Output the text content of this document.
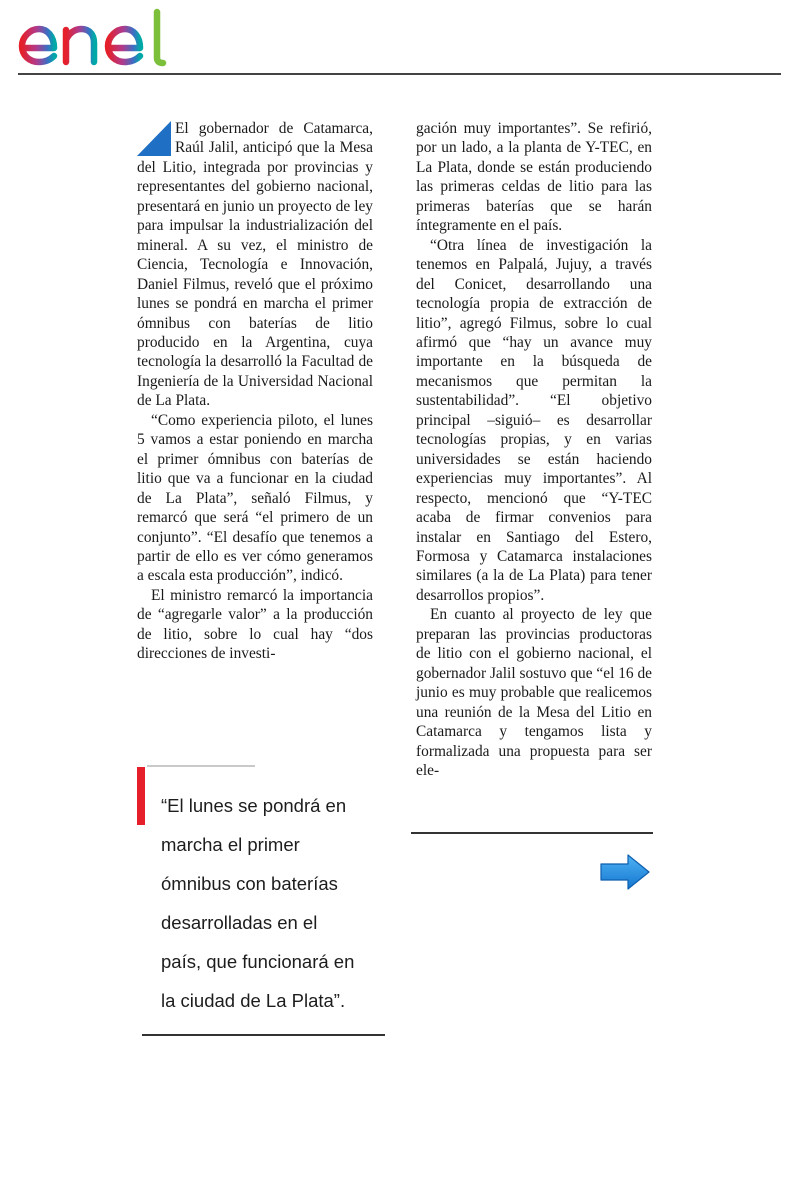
El gobernador de Catamarca, Raúl Jalil, anticipó que la Mesa del Litio, integrada por provincias y representantes del gobierno nacional, presentará en junio un proyecto de ley para impulsar la industrialización del mineral. A su vez, el ministro de Ciencia, Tecnología e Innovación, Daniel Filmus, reveló que el próximo lunes se pondrá en marcha el primer ómnibus con baterías de litio producido en la Argentina, cuya tecnología la desarrolló la Facultad de Ingeniería de la Universidad Nacional de La Plata.

“Como experiencia piloto, el lunes 5 vamos a estar poniendo en marcha el primer ómnibus con baterías de litio que va a funcionar en la ciudad de La Plata”, señaló Filmus, y remarcó que será “el primero de un conjunto”. “El desafío que tenemos a partir de ello es ver cómo generamos a escala esta producción”, indicó.

El ministro remarcó la importancia de “agregarle valor” a la producción de litio, sobre lo cual hay “dos direcciones de investi-

gación muy importantes”. Se refirió, por un lado, a la planta de Y-TEC, en La Plata, donde se están produciendo las primeras celdas de litio para las primeras baterías que se harán íntegramente en el país.

“Otra línea de investigación la tenemos en Palpalá, Jujuy, a través del Conicet, desarrollando una tecnología propia de extracción de litio”, agregó Filmus, sobre lo cual afirmó que “hay un avance muy importante en la búsqueda de mecanismos que permitan la sustentabilidad”. “El objetivo principal –siguió– es desarrollar tecnologías propias, y en varias universidades se están haciendo experiencias muy importantes”. Al respecto, mencionó que “Y-TEC acaba de firmar convenios para instalar en Santiago del Estero, Formosa y Catamarca instalaciones similares (a la de La Plata) para tener desarrollos propios”.

En cuanto al proyecto de ley que preparan las provincias productoras de litio con el gobierno nacional, el gobernador Jalil sostuvo que “el 16 de junio es muy probable que realicemos una reunión de la Mesa del Litio en Catamarca y tengamos lista y formalizada una propuesta para ser ele-

“El lunes se pondrá en
marcha el primer
ómnibus con baterías
desarrolladas en el
país, que funcionará en
la ciudad de La Plata”.
